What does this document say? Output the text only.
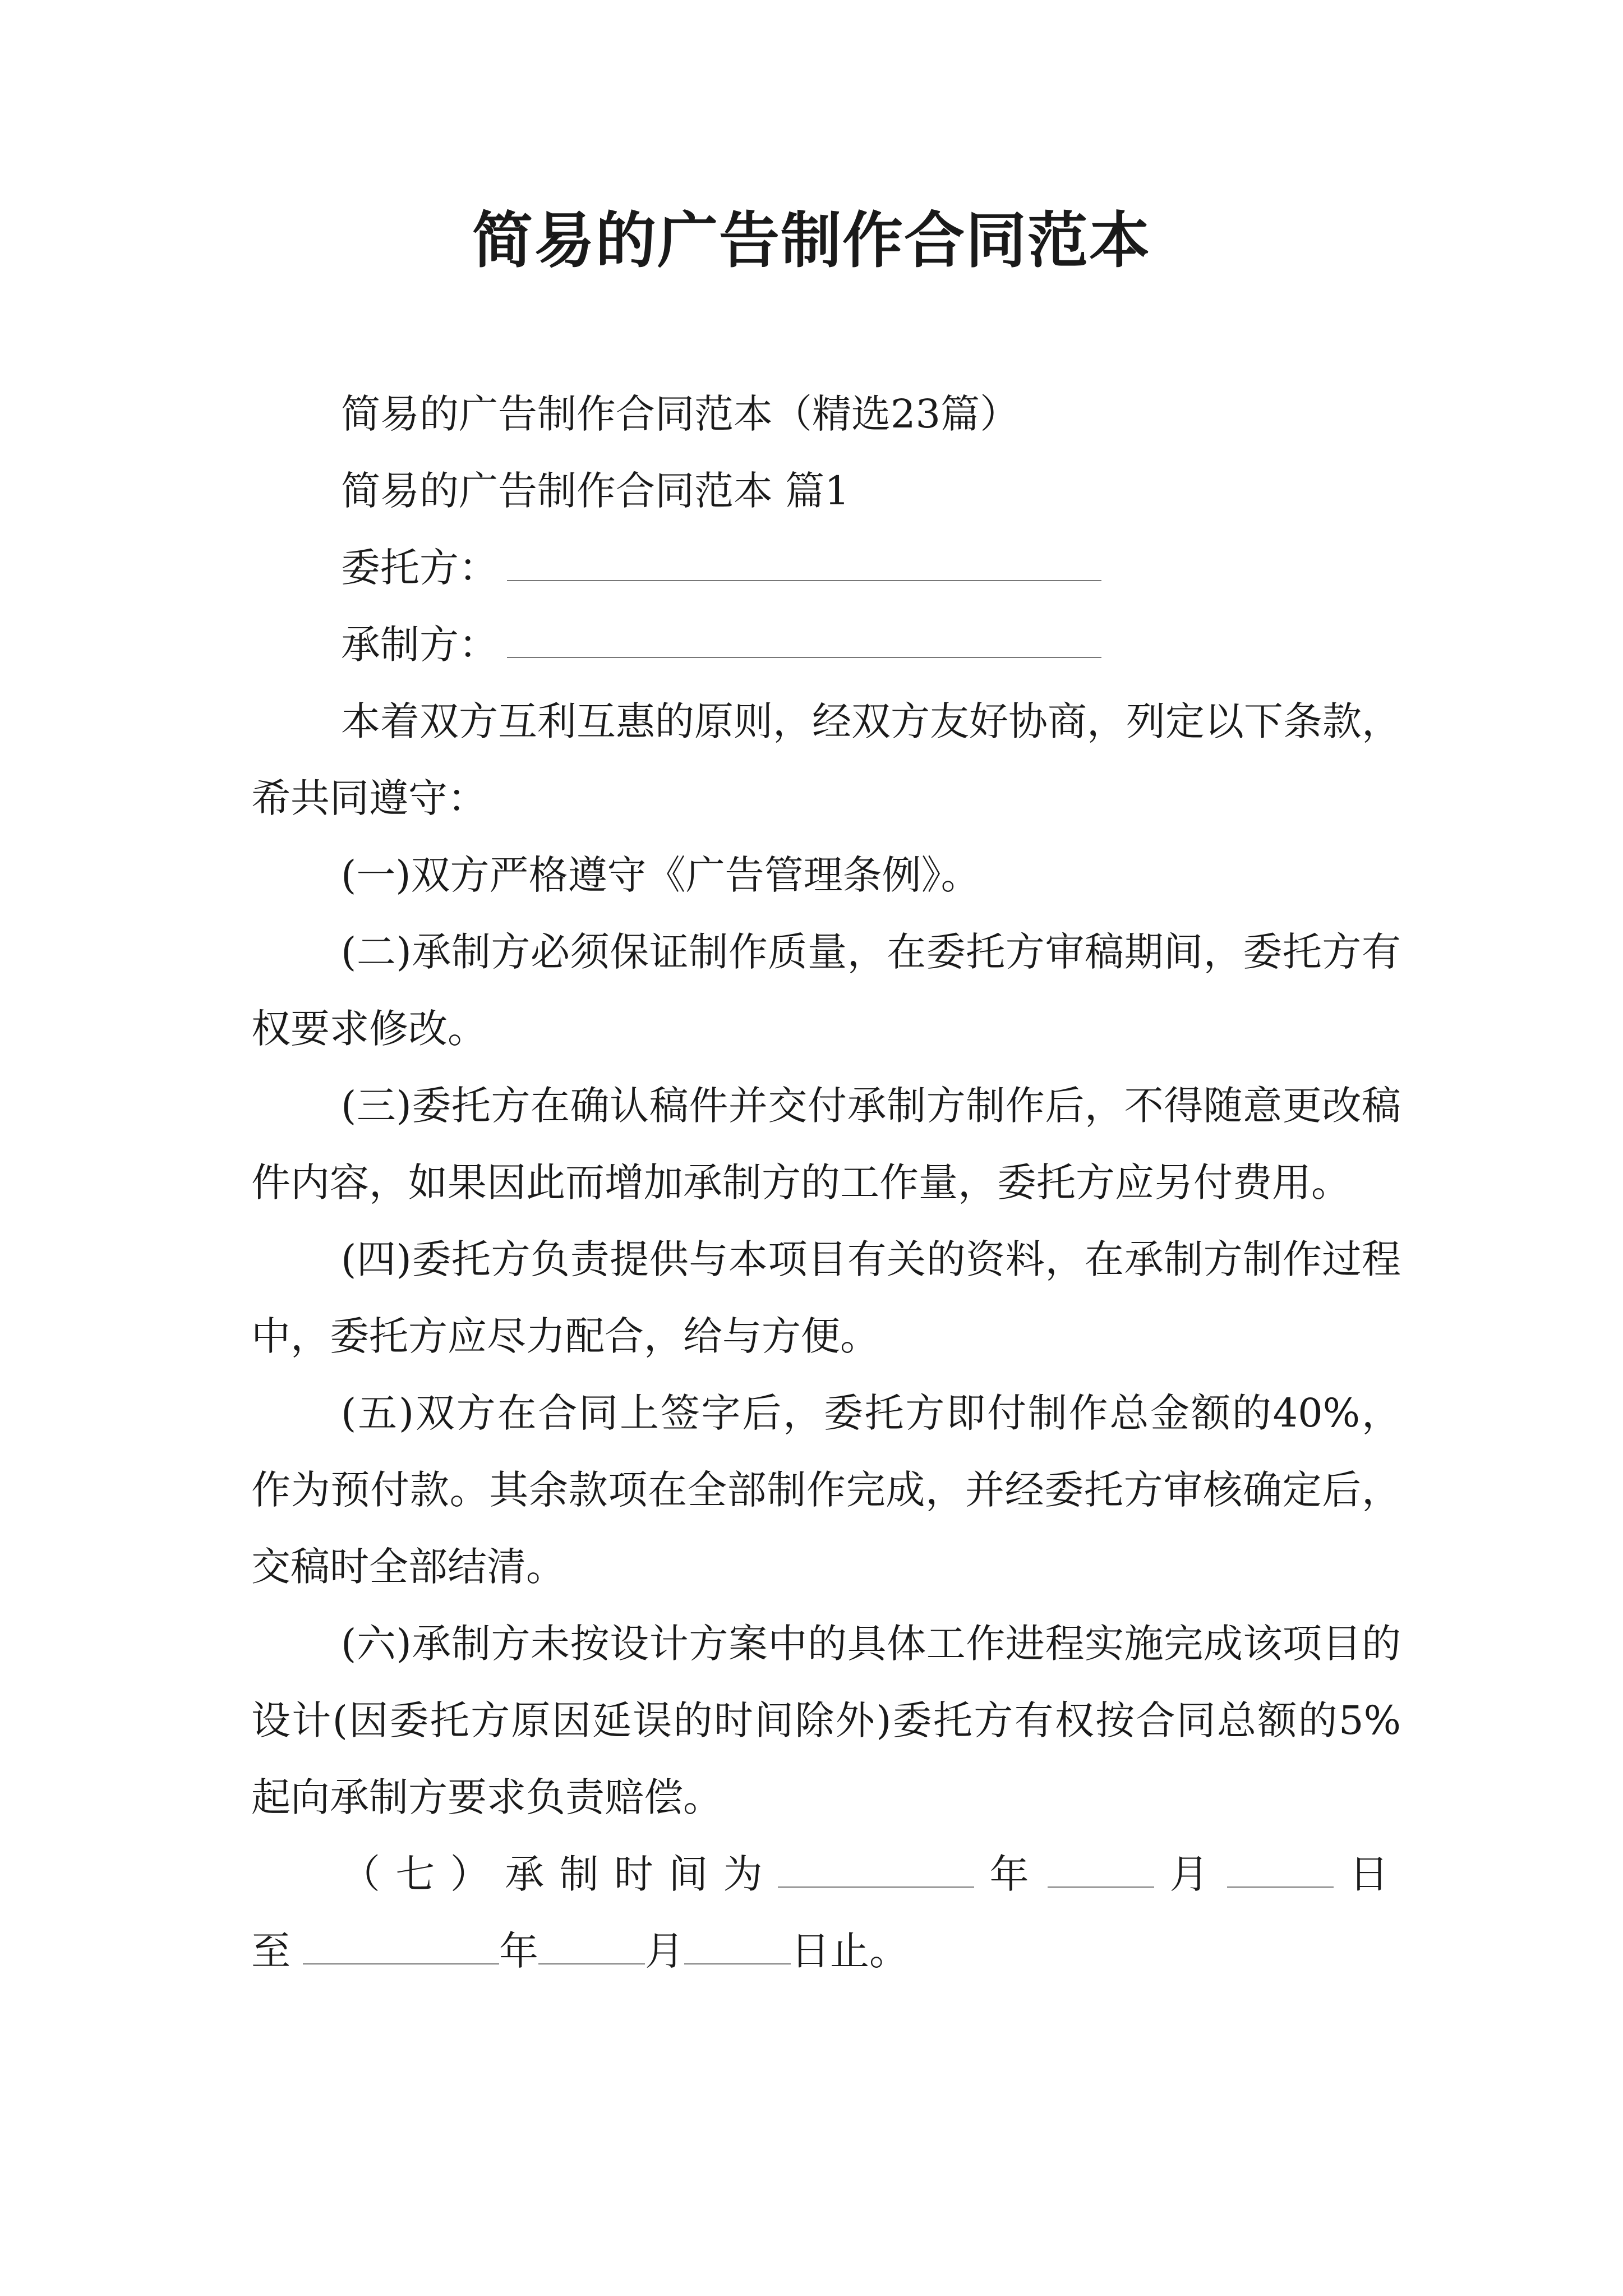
简易的广告制作合同范本

简易的广告制作合同范本（精选23篇）

简易的广告制作合同范本 篇1

委托方：

承制方：

本着双方互利互惠的原则，经双方友好协商，列定以下条款，希共同遵守：

(一)双方严格遵守《广告管理条例》。

(二)承制方必须保证制作质量，在委托方审稿期间，委托方有权要求修改。

(三)委托方在确认稿件并交付承制方制作后，不得随意更改稿件内容，如果因此而增加承制方的工作量，委托方应另付费用。

(四)委托方负责提供与本项目有关的资料，在承制方制作过程中，委托方应尽力配合，给与方便。

(五)双方在合同上签字后，委托方即付制作总金额的40%，作为预付款。其余款项在全部制作完成，并经委托方审核确定后，交稿时全部结清。

(六)承制方未按设计方案中的具体工作进程实施完成该项目的设计(因委托方原因延误的时间除外)委托方有权按合同总额的5%起向承制方要求负责赔偿。

（七）承制时间为	年	月	日至	年	月	日止。
